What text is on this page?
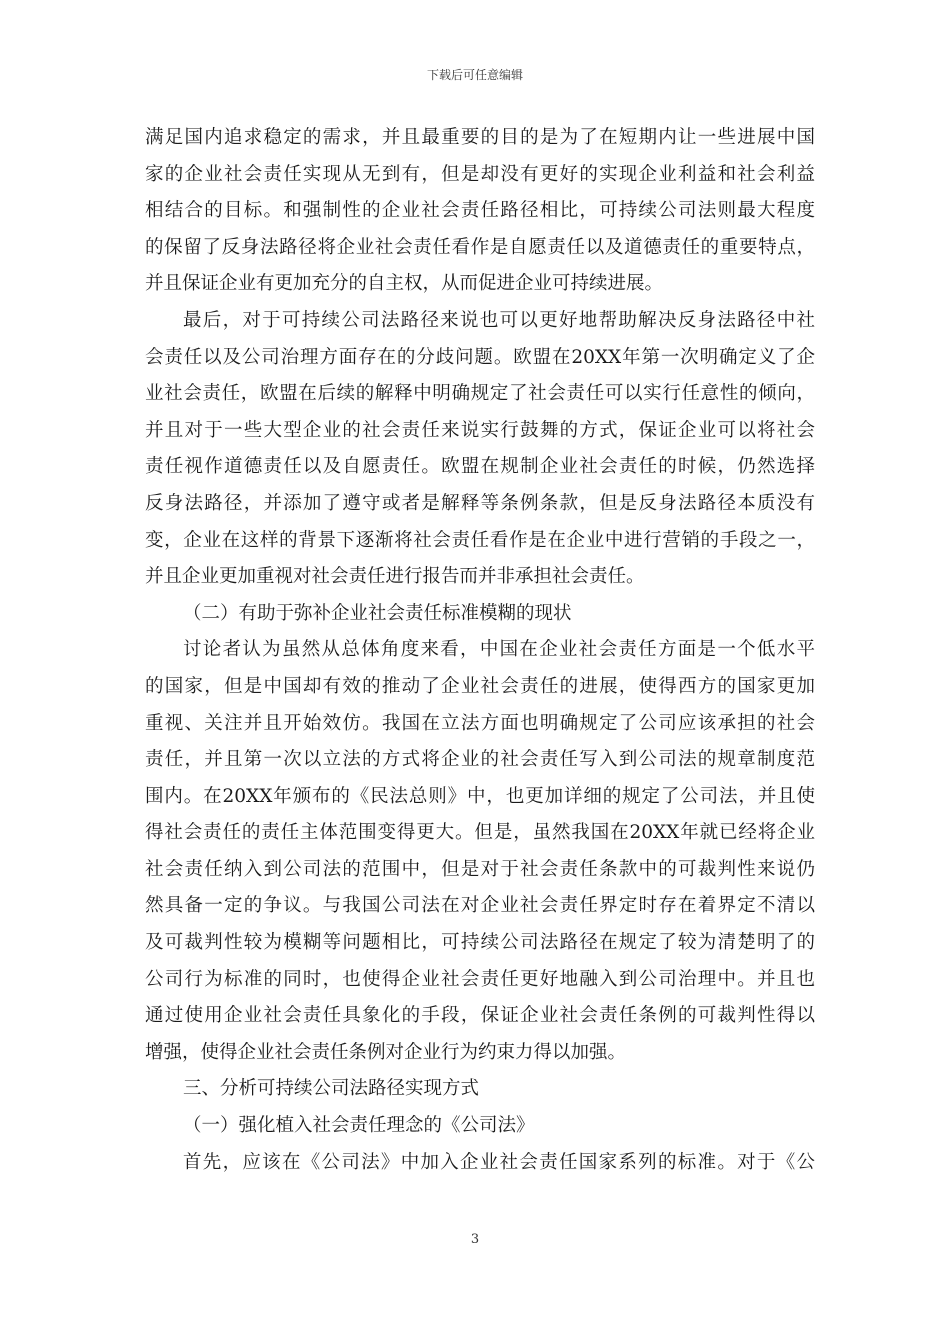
下载后可任意编辑
满足国内追求稳定的需求，并且最重要的目的是为了在短期内让一些进展中国
家的企业社会责任实现从无到有，但是却没有更好的实现企业利益和社会利益
相结合的目标。和强制性的企业社会责任路径相比，可持续公司法则最大程度
的保留了反身法路径将企业社会责任看作是自愿责任以及道德责任的重要特点，
并且保证企业有更加充分的自主权，从而促进企业可持续进展。
最后，对于可持续公司法路径来说也可以更好地帮助解决反身法路径中社
会责任以及公司治理方面存在的分歧问题。欧盟在20XX年第一次明确定义了企
业社会责任，欧盟在后续的解释中明确规定了社会责任可以实行任意性的倾向，
并且对于一些大型企业的社会责任来说实行鼓舞的方式，保证企业可以将社会
责任视作道德责任以及自愿责任。欧盟在规制企业社会责任的时候，仍然选择
反身法路径，并添加了遵守或者是解释等条例条款，但是反身法路径本质没有
变，企业在这样的背景下逐渐将社会责任看作是在企业中进行营销的手段之一，
并且企业更加重视对社会责任进行报告而并非承担社会责任。
（二）有助于弥补企业社会责任标准模糊的现状
讨论者认为虽然从总体角度来看，中国在企业社会责任方面是一个低水平
的国家，但是中国却有效的推动了企业社会责任的进展，使得西方的国家更加
重视、关注并且开始效仿。我国在立法方面也明确规定了公司应该承担的社会
责任，并且第一次以立法的方式将企业的社会责任写入到公司法的规章制度范
围内。在20XX年颁布的《民法总则》中，也更加详细的规定了公司法，并且使
得社会责任的责任主体范围变得更大。但是，虽然我国在20XX年就已经将企业
社会责任纳入到公司法的范围中，但是对于社会责任条款中的可裁判性来说仍
然具备一定的争议。与我国公司法在对企业社会责任界定时存在着界定不清以
及可裁判性较为模糊等问题相比，可持续公司法路径在规定了较为清楚明了的
公司行为标准的同时，也使得企业社会责任更好地融入到公司治理中。并且也
通过使用企业社会责任具象化的手段，保证企业社会责任条例的可裁判性得以
增强，使得企业社会责任条例对企业行为约束力得以加强。
三、分析可持续公司法路径实现方式
（一）强化植入社会责任理念的《公司法》
首先，应该在《公司法》中加入企业社会责任国家系列的标准。对于《公
3
